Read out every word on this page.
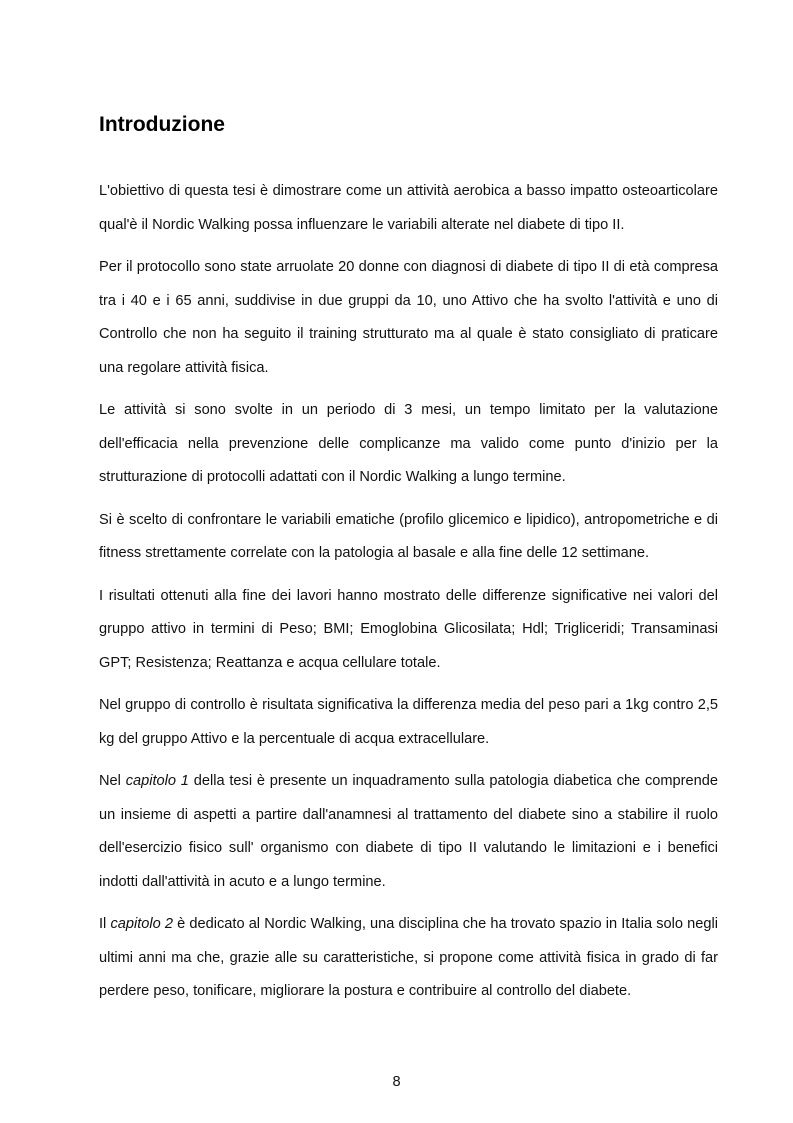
Introduzione

L'obiettivo di questa tesi è dimostrare come un attività aerobica a basso impatto osteoarticolare qual'è il Nordic Walking possa influenzare le variabili alterate nel diabete di tipo II.

Per il protocollo sono state arruolate 20 donne con diagnosi di diabete di tipo II di età compresa tra i 40 e i 65 anni, suddivise in due gruppi da 10, uno Attivo che ha svolto l'attività e uno di Controllo che non ha seguito il training strutturato ma al quale è stato consigliato di praticare una regolare attività fisica.

Le attività si sono svolte in un periodo di 3 mesi, un tempo limitato per la valutazione dell'efficacia nella prevenzione delle complicanze ma valido come punto d'inizio per la strutturazione di protocolli adattati con il Nordic Walking a lungo termine.

Si è scelto di confrontare le variabili ematiche (profilo glicemico e lipidico), antropometriche e di fitness strettamente correlate con la patologia al basale e alla fine delle 12 settimane.

I risultati ottenuti alla fine dei lavori hanno mostrato delle differenze significative nei valori del gruppo attivo in termini di Peso; BMI; Emoglobina Glicosilata; Hdl; Trigliceridi; Transaminasi GPT; Resistenza; Reattanza e acqua cellulare totale.

Nel gruppo di controllo è risultata significativa la differenza media del peso pari a 1kg contro 2,5 kg del gruppo Attivo e la percentuale di acqua extracellulare.

Nel capitolo 1 della tesi è presente un inquadramento sulla patologia diabetica che comprende un insieme di aspetti a partire dall'anamnesi al trattamento del diabete sino a stabilire il ruolo dell'esercizio fisico sull' organismo con diabete di tipo II valutando le limitazioni e i benefici indotti dall'attività in acuto e a lungo termine.

Il capitolo 2 è dedicato al Nordic Walking, una disciplina che ha trovato spazio in Italia solo negli ultimi anni ma che, grazie alle su caratteristiche, si propone come attività fisica in grado di far perdere peso, tonificare, migliorare la postura e contribuire al controllo del diabete.

8
